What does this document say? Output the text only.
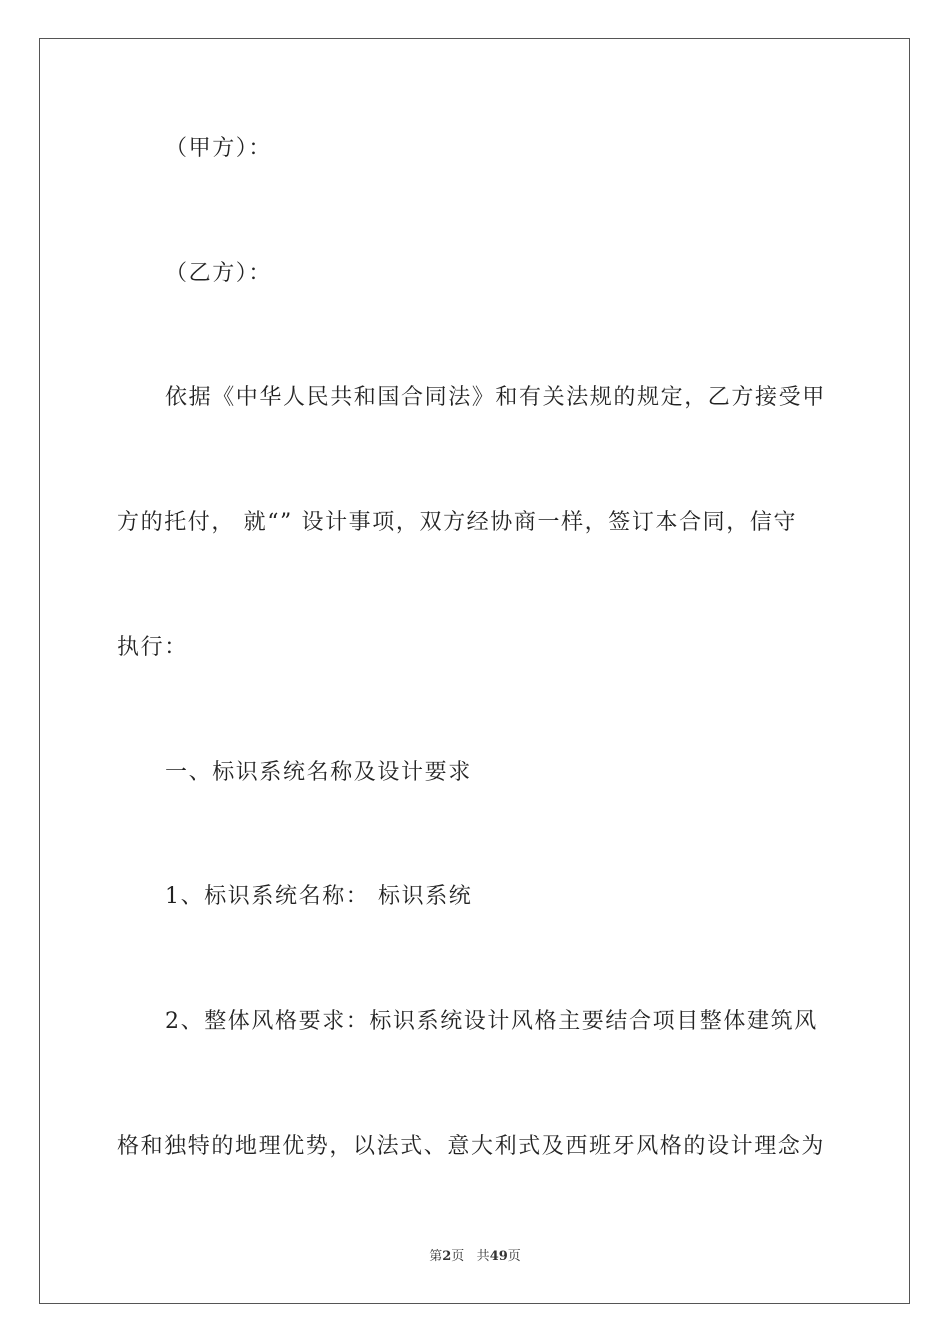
（甲方）：
（乙方）：
依据《中华人民共和国合同法》和有关法规的规定，乙方接受甲
方的托付， 就“” 设计事项，双方经协商一样，签订本合同，信守
执行：
一、标识系统名称及设计要求
1、标识系统名称： 标识系统
2、整体风格要求：标识系统设计风格主要结合项目整体建筑风
格和独特的地理优势，以法式、意大利式及西班牙风格的设计理念为
第2页 共49页
